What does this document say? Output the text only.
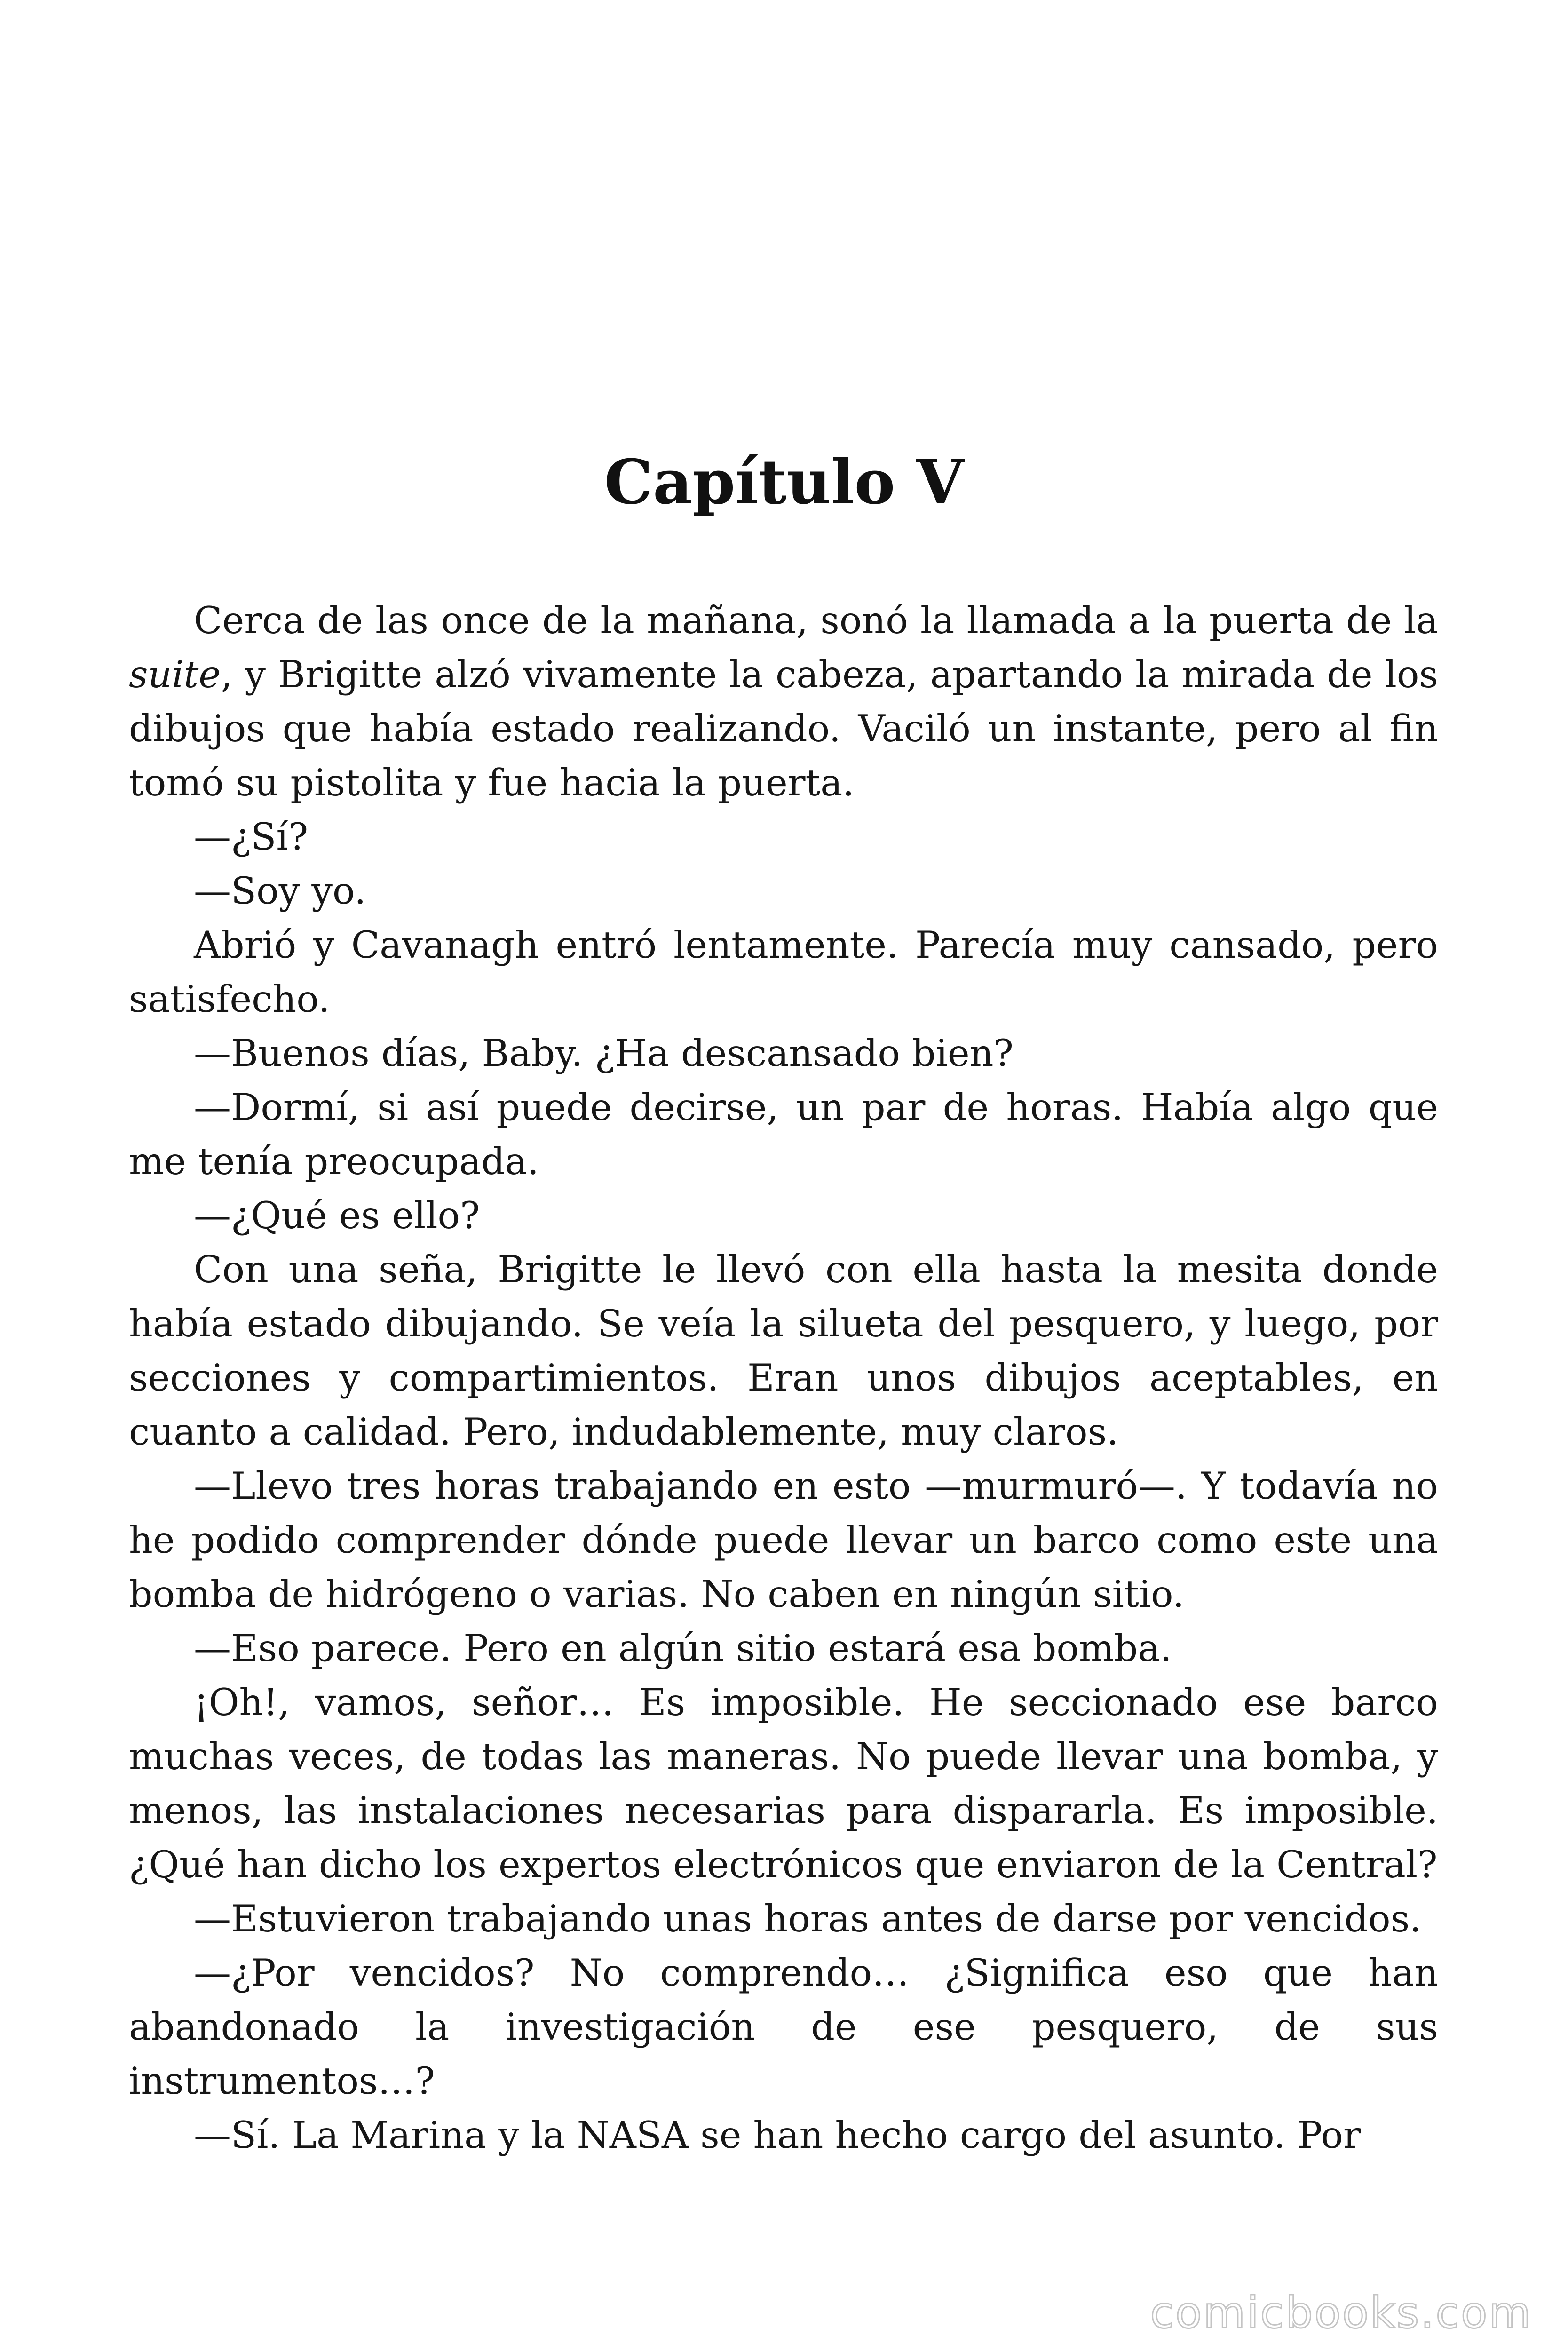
Capítulo V

Cerca de las once de la mañana, sonó la llamada a la puerta de la suite, y Brigitte alzó vivamente la cabeza, apartando la mirada de los dibujos que había estado realizando. Vaciló un instante, pero al fin tomó su pistolita y fue hacia la puerta.

—¿Sí?

—Soy yo.

Abrió y Cavanagh entró lentamente. Parecía muy cansado, pero satisfecho.

—Buenos días, Baby. ¿Ha descansado bien?

—Dormí, si así puede decirse, un par de horas. Había algo que me tenía preocupada.

—¿Qué es ello?

Con una seña, Brigitte le llevó con ella hasta la mesita donde había estado dibujando. Se veía la silueta del pesquero, y luego, por secciones y compartimientos. Eran unos dibujos aceptables, en cuanto a calidad. Pero, indudablemente, muy claros.

—Llevo tres horas trabajando en esto —murmuró—. Y todavía no he podido comprender dónde puede llevar un barco como este una bomba de hidrógeno o varias. No caben en ningún sitio.

—Eso parece. Pero en algún sitio estará esa bomba.

¡Oh!, vamos, señor… Es imposible. He seccionado ese barco muchas veces, de todas las maneras. No puede llevar una bomba, y menos, las instalaciones necesarias para dispararla. Es imposible. ¿Qué han dicho los expertos electrónicos que enviaron de la Central?

—Estuvieron trabajando unas horas antes de darse por vencidos.

—¿Por vencidos? No comprendo… ¿Significa eso que han abandonado la investigación de ese pesquero, de sus instrumentos…?

—Sí. La Marina y la NASA se han hecho cargo del asunto. Por

comicbooks.com
